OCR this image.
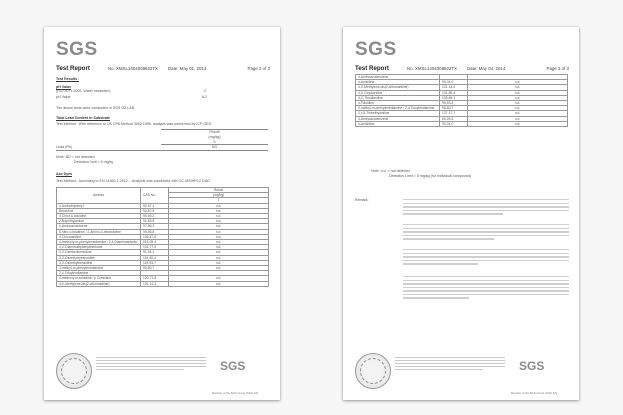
SGS
Test Report	No. XMSL1404008822TX Date: May 01, 2014	Page 2 of 3
Test Results :
pH Value
(ISO 3071:2005, Water extraction)	2
pH Value	6.2
The above tests were conducted in SGS GZ LAB
Total Lead Content in Substrate
Test Method: With reference to US CPA Method 3052:1996, analysis was performed by ICP-OES.
Result
(mg/kg)
5
Lead (Pb)	ND
Note: ND = not detected
Detection limit = 5 mg/kg
Azo Dyes
Test Method: According to EN 14362-1:2012 -- Analysis was conducted with GC-MS/HPLC-DAD
Amines	CAS No.	Result
		(mg/kg)
		1
4-Aminobiphenyl	92-67-1	n.d.
Benzidine	92-87-5	n.d.
4-Chlor-o-toluidine	95-69-2	n.d.
2-Naphthylamine	91-59-8	n.d.
o-Aminoazotoluene	97-56-3	n.d.
5-nitro-o-toluidine / 2-Amino-4-nitrotoluene	99-55-8	n.d.
4-Chloroaniline	106-47-8	n.d.
4-methoxy-m-phenylenediamine / 2,4-Diaminoanisole	615-05-4	n.d.
4,4'-Diaminodiphenylmethane	101-77-9	n.d.
3,3'-Dichlorobenzidine	91-94-1	n.d.
3,3'-Dimethoxybenzidine	119-90-4	n.d.
3,3'-Dimethylbenzidine	119-93-7	n.d.
4-methyl-m-phenylenediamine	95-80-7	n.d.
2,4-Toluylendiamine		
4-methoxy-m-toluidine / p-Cresidine	120-71-8	n.d.
4,4'-Methylene-bis(2-chloroaniline)	101-14-4	n.d.
SGS
Member of the SGS Group (SGS SA)
SGS
Test Report	No. XMSL1404008822TX Date: May 04, 2014	Page 3 of 3
4-Aminoazobenzene		
o-Anisidine	90-04-0	n.d.
4,4'-Methylene-bis(2-chloroaniline)	101-14-4	n.d.
4,4'-Oxydianiline	101-80-4	n.d.
4,4'-Thiodianiline	139-65-1	n.d.
o-Toluidine	95-53-4	n.d.
4-methyl-m-phenylenediamine / 2,4-Toluylendiamine	95-80-7	n.d.
2,4,5-Trimethylaniline	137-17-7	n.d.
4-Aminoazobenzene	60-09-3	n.d.
o-Anisidine	90-04-0	n.d.
Note: n.d. = not detected
Detection Limit = 5 mg/kg (for individual compound)
Remark:
SGS
Member of the SGS Group (SGS SA)
